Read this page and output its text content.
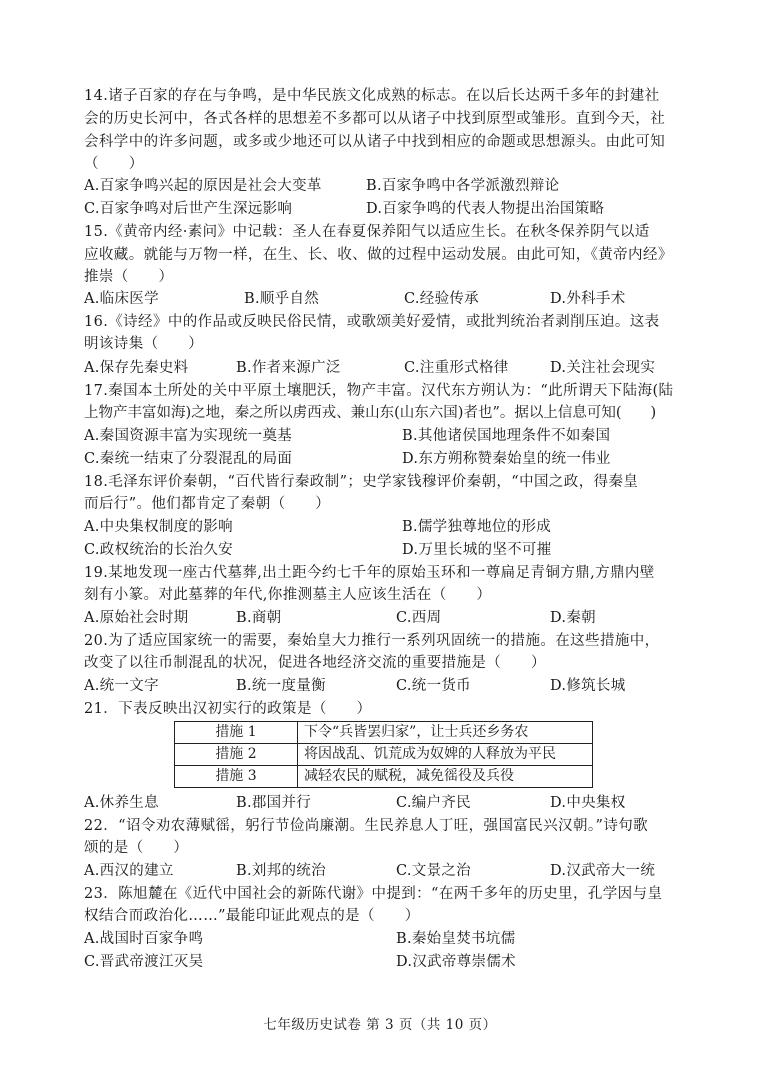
14.诸子百家的存在与争鸣，是中华民族文化成熟的标志。在以后长达两千多年的封建社
会的历史长河中，各式各样的思想差不多都可以从诸子中找到原型或雏形。直到今天，社
会科学中的许多问题，或多或少地还可以从诸子中找到相应的命题或思想源头。由此可知
（　　）
A.百家争鸣兴起的原因是社会大变革	B.百家争鸣中各学派激烈辩论
C.百家争鸣对后世产生深远影响	D.百家争鸣的代表人物提出治国策略
15.《黄帝内经·素问》中记载：圣人在春夏保养阳气以适应生长。在秋冬保养阴气以适
应收藏。就能与万物一样，在生、长、收、做的过程中运动发展。由此可知，《黄帝内经》
推崇（　　）
A.临床医学	B.顺乎自然	C.经验传承	D.外科手术
16.《诗经》中的作品或反映民俗民情，或歌颂美好爱情，或批判统治者剥削压迫。这表
明该诗集（　　）
A.保存先秦史料	B.作者来源广泛	C.注重形式格律	D.关注社会现实
17.秦国本土所处的关中平原土壤肥沃，物产丰富。汉代东方朔认为：“此所谓天下陆海(陆
上物产丰富如海)之地，秦之所以虏西戎、兼山东(山东六国)者也”。据以上信息可知(　　)
A.秦国资源丰富为实现统一奠基	B.其他诸侯国地理条件不如秦国
C.秦统一结束了分裂混乱的局面	D.东方朔称赞秦始皇的统一伟业
18.毛泽东评价秦朝，“百代皆行秦政制”；史学家钱穆评价秦朝，“中国之政，得秦皇
而后行”。他们都肯定了秦朝（　　）
A.中央集权制度的影响	B.儒学独尊地位的形成
C.政权统治的长治久安	D.万里长城的坚不可摧
19.某地发现一座古代墓葬,出土距今约七千年的原始玉环和一尊扁足青铜方鼎,方鼎内壁
刻有小篆。对此墓葬的年代,你推测墓主人应该生活在（　　）
A.原始社会时期	B.商朝	C.西周	D.秦朝
20.为了适应国家统一的需要，秦始皇大力推行一系列巩固统一的措施。在这些措施中，
改变了以往币制混乱的状况，促进各地经济交流的重要措施是（　　）
A.统一文字	B.统一度量衡	C.统一货币	D.修筑长城
21．下表反映出汉初实行的政策是（　　）
措施 1	下令“兵皆罢归家”，让士兵还乡务农
措施 2	将因战乱、饥荒成为奴婢的人释放为平民
措施 3	减轻农民的赋税，减免徭役及兵役
A.休养生息	B.郡国并行	C.编户齐民	D.中央集权
22．“诏令劝农薄赋徭，躬行节俭尚廉潮。生民养息人丁旺，强国富民兴汉朝。”诗句歌
颂的是（　　）
A.西汉的建立	B.刘邦的统治	C.文景之治	D.汉武帝大一统
23．陈旭麓在《近代中国社会的新陈代谢》中提到：“在两千多年的历史里，孔学因与皇
权结合而政治化……”最能印证此观点的是（　　）
A.战国时百家争鸣	B.秦始皇焚书坑儒
C.晋武帝渡江灭吴	D.汉武帝尊崇儒术
七年级历史试卷 第 3 页（共 10 页）
